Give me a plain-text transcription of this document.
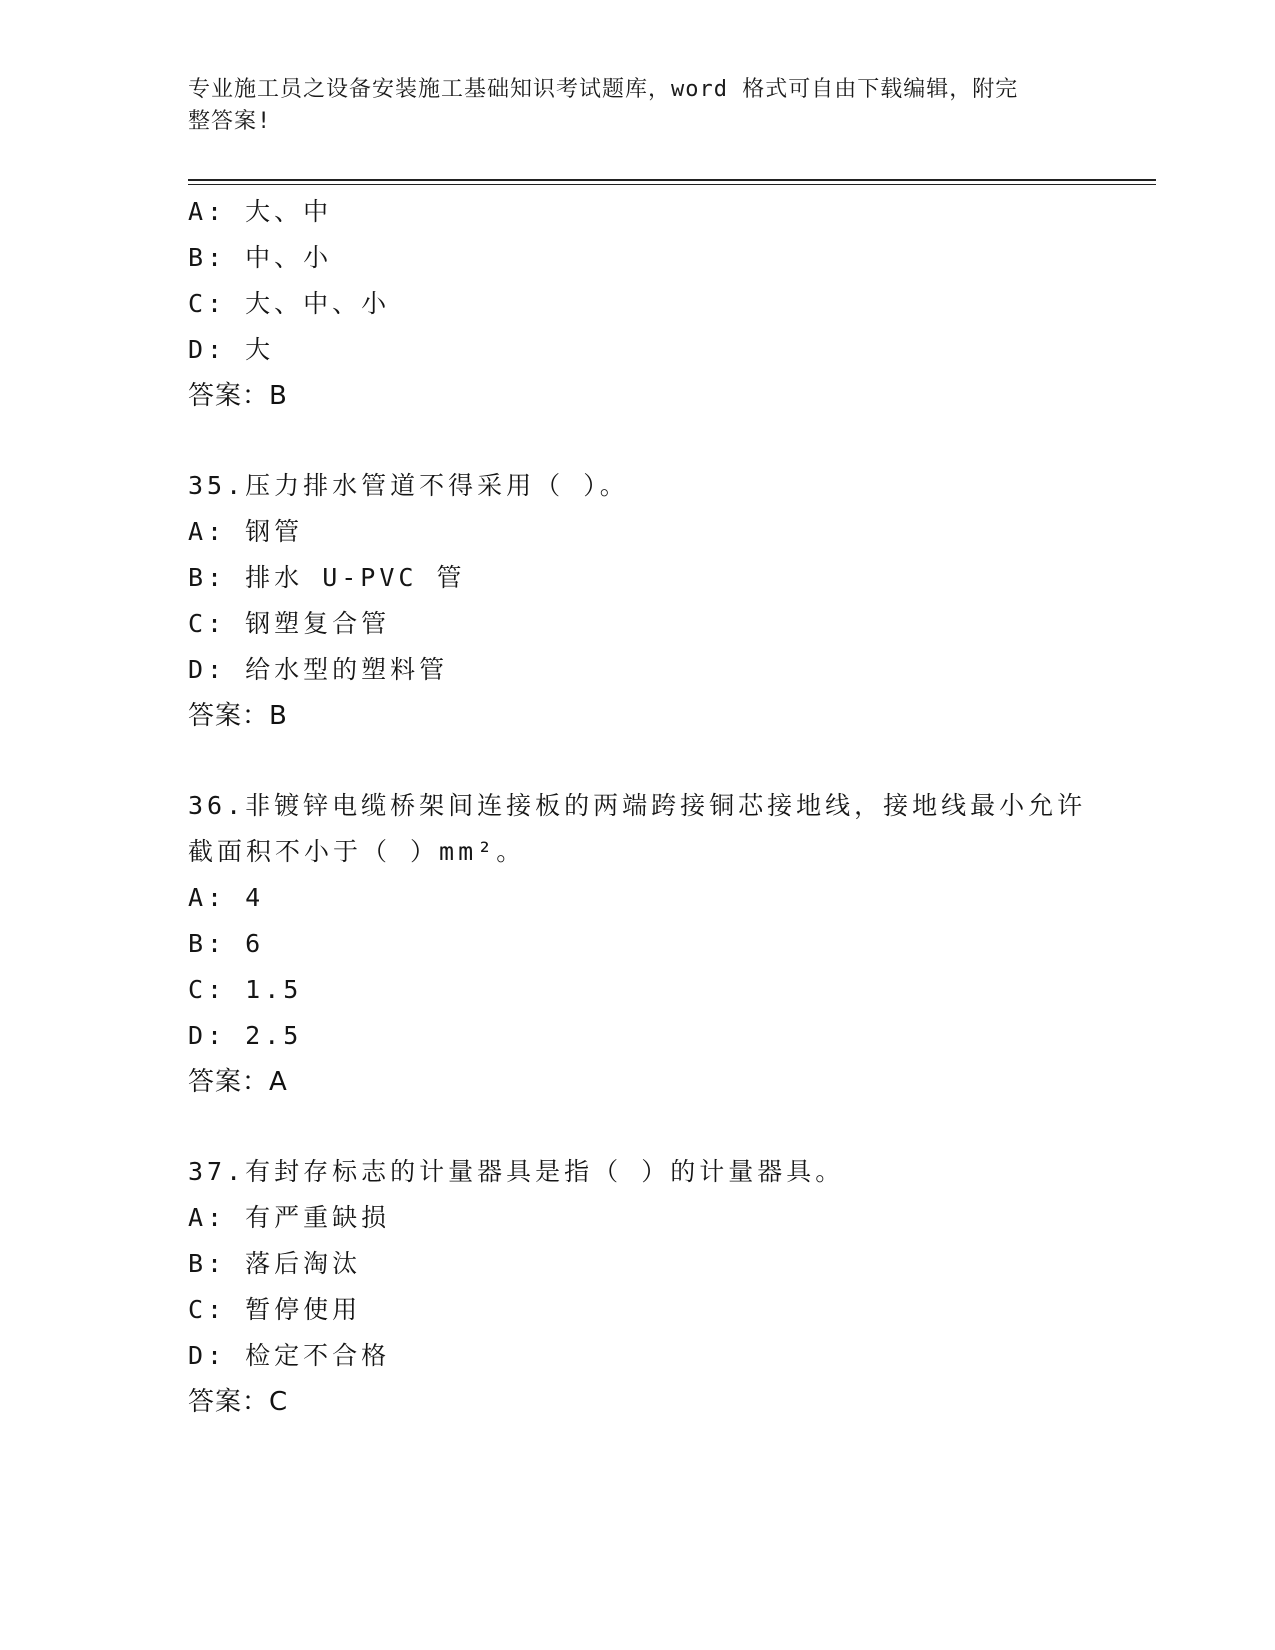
专业施工员之设备安装施工基础知识考试题库，word 格式可自由下载编辑，附完
整答案!
A: 大、中
B: 中、小
C: 大、中、小
D: 大
答案：B
35.压力排水管道不得采用（ ）。
A: 钢管
B: 排水 U-PVC 管
C: 钢塑复合管
D: 给水型的塑料管
答案：B
36.非镀锌电缆桥架间连接板的两端跨接铜芯接地线，接地线最小允许
截面积不小于（ ）mm²。
A: 4
B: 6
C: 1.5
D: 2.5
答案：A
37.有封存标志的计量器具是指（ ）的计量器具。
A: 有严重缺损
B: 落后淘汰
C: 暂停使用
D: 检定不合格
答案：C
